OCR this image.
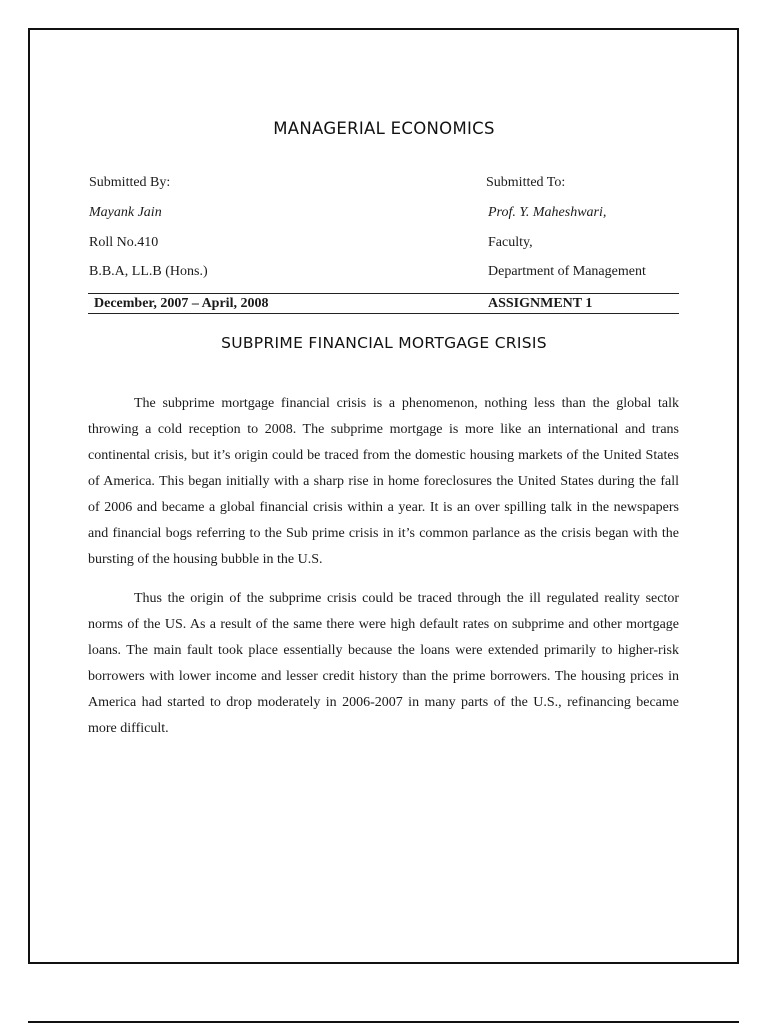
MANAGERIAL ECONOMICS
Submitted By:
Mayank Jain
Roll No.410
B.B.A, LL.B (Hons.)
Submitted To:
Prof. Y. Maheshwari,
Faculty,
Department of Management
December, 2007 – April, 2008	ASSIGNMENT 1
SUBPRIME FINANCIAL MORTGAGE CRISIS

The subprime mortgage financial crisis is a phenomenon, nothing less than the global talk throwing a cold reception to 2008. The subprime mortgage is more like an international and trans continental crisis, but it’s origin could be traced from the domestic housing markets of the United States of America. This began initially with a sharp rise in home foreclosures the United States during the fall of 2006 and became a global financial crisis within a year. It is an over spilling talk in the newspapers and financial bogs referring to the Sub prime crisis in it’s common parlance as the crisis began with the bursting of the housing bubble in the U.S.

Thus the origin of the subprime crisis could be traced through the ill regulated reality sector norms of the US. As a result of the same there were high default rates on subprime and other mortgage loans. The main fault took place essentially because the loans were extended primarily to higher-risk borrowers with lower income and lesser credit history than the prime borrowers. The housing prices in America had started to drop moderately in 2006-2007 in many parts of the U.S., refinancing became more difficult.
